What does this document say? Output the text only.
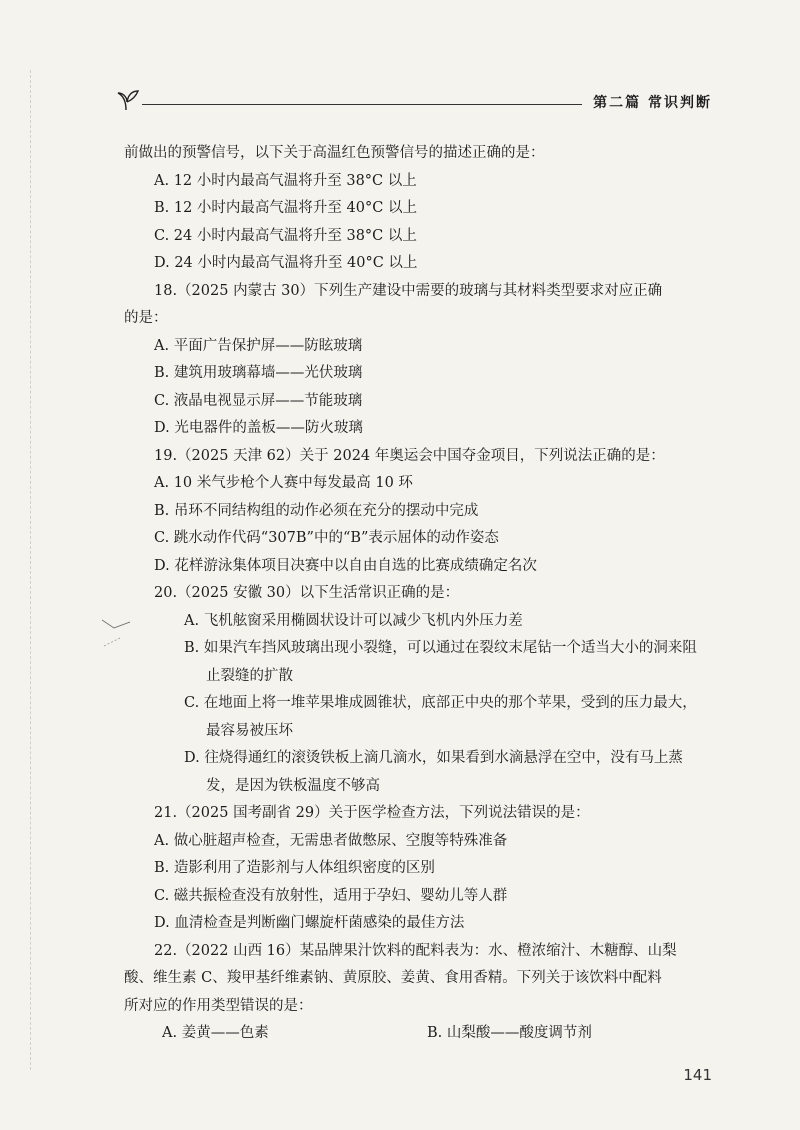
第二篇 常识判断
前做出的预警信号，以下关于高温红色预警信号的描述正确的是：
A. 12 小时内最高气温将升至 38°C 以上
B. 12 小时内最高气温将升至 40°C 以上
C. 24 小时内最高气温将升至 38°C 以上
D. 24 小时内最高气温将升至 40°C 以上
18.（2025 内蒙古 30）下列生产建设中需要的玻璃与其材料类型要求对应正确
的是：
A. 平面广告保护屏——防眩玻璃
B. 建筑用玻璃幕墙——光伏玻璃
C. 液晶电视显示屏——节能玻璃
D. 光电器件的盖板——防火玻璃
19.（2025 天津 62）关于 2024 年奥运会中国夺金项目，下列说法正确的是：
A. 10 米气步枪个人赛中每发最高 10 环
B. 吊环不同结构组的动作必须在充分的摆动中完成
C. 跳水动作代码“307B”中的“B”表示屈体的动作姿态
D. 花样游泳集体项目决赛中以自由自选的比赛成绩确定名次
20.（2025 安徽 30）以下生活常识正确的是：
A. 飞机舷窗采用椭圆状设计可以减少飞机内外压力差
B. 如果汽车挡风玻璃出现小裂缝，可以通过在裂纹末尾钻一个适当大小的洞来阻
止裂缝的扩散
C. 在地面上将一堆苹果堆成圆锥状，底部正中央的那个苹果，受到的压力最大，
最容易被压坏
D. 往烧得通红的滚烫铁板上滴几滴水，如果看到水滴悬浮在空中，没有马上蒸
发，是因为铁板温度不够高
21.（2025 国考副省 29）关于医学检查方法，下列说法错误的是：
A. 做心脏超声检查，无需患者做憋尿、空腹等特殊准备
B. 造影利用了造影剂与人体组织密度的区别
C. 磁共振检查没有放射性，适用于孕妇、婴幼儿等人群
D. 血清检查是判断幽门螺旋杆菌感染的最佳方法
22.（2022 山西 16）某品牌果汁饮料的配料表为：水、橙浓缩汁、木糖醇、山梨
酸、维生素 C、羧甲基纤维素钠、黄原胶、姜黄、食用香精。下列关于该饮料中配料
所对应的作用类型错误的是：
A. 姜黄——色素	B. 山梨酸——酸度调节剂
141
